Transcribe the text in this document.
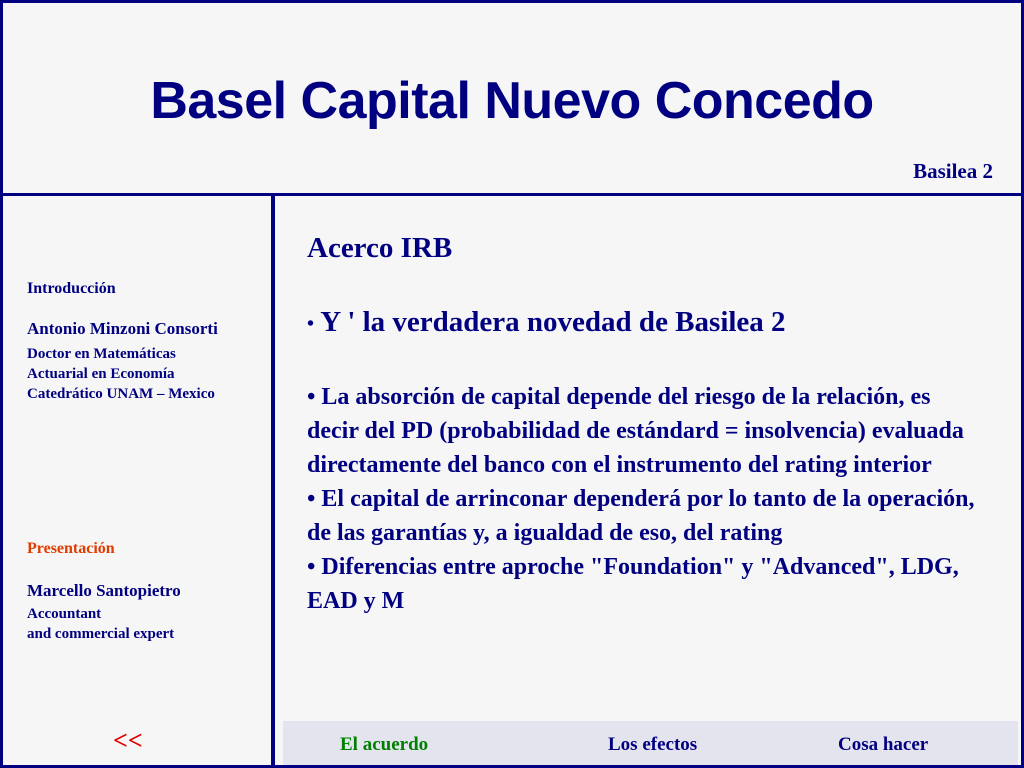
Basel Capital Nuevo Concedo
Basilea 2
Introducción
Antonio Minzoni Consorti
Doctor en Matemáticas
Actuarial en Economía
Catedrático UNAM – Mexico
Presentación
Marcello Santopietro
Accountant
and commercial expert
<<
Acerco IRB
• Y ' la verdadera novedad de Basilea 2

• La absorción de capital depende del riesgo de la relación, es decir del PD (probabilidad de estándard = insolvencia) evaluada directamente del banco con el instrumento del rating interior

• El capital de arrinconar dependerá por lo tanto de la operación, de las garantías y, a igualdad de eso, del rating

• Diferencias entre aproche "Foundation" y "Advanced", LDG, EAD y M

El acuerdo	Los efectos	Cosa hacer
